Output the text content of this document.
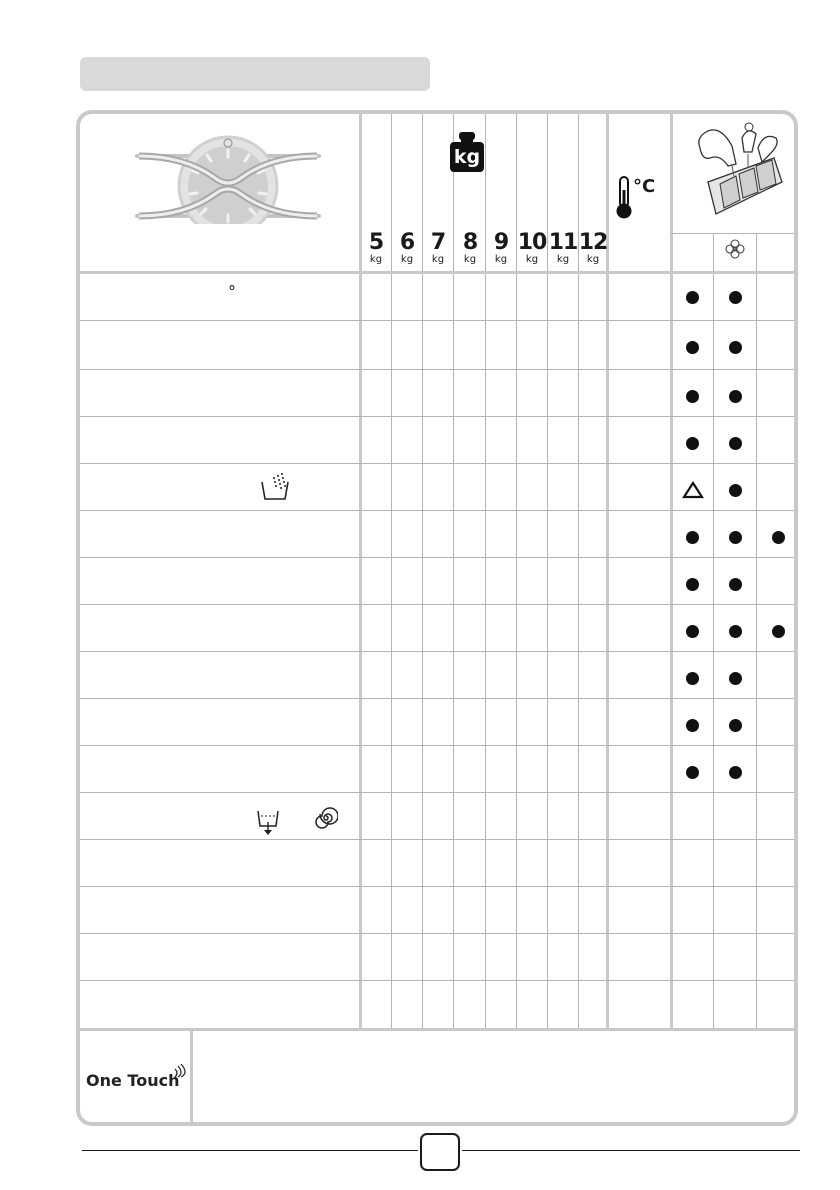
kg
5
kg
6
kg
7
kg
8
kg
9
kg
10
kg
11
kg
12
kg
°C
°
One Touch
